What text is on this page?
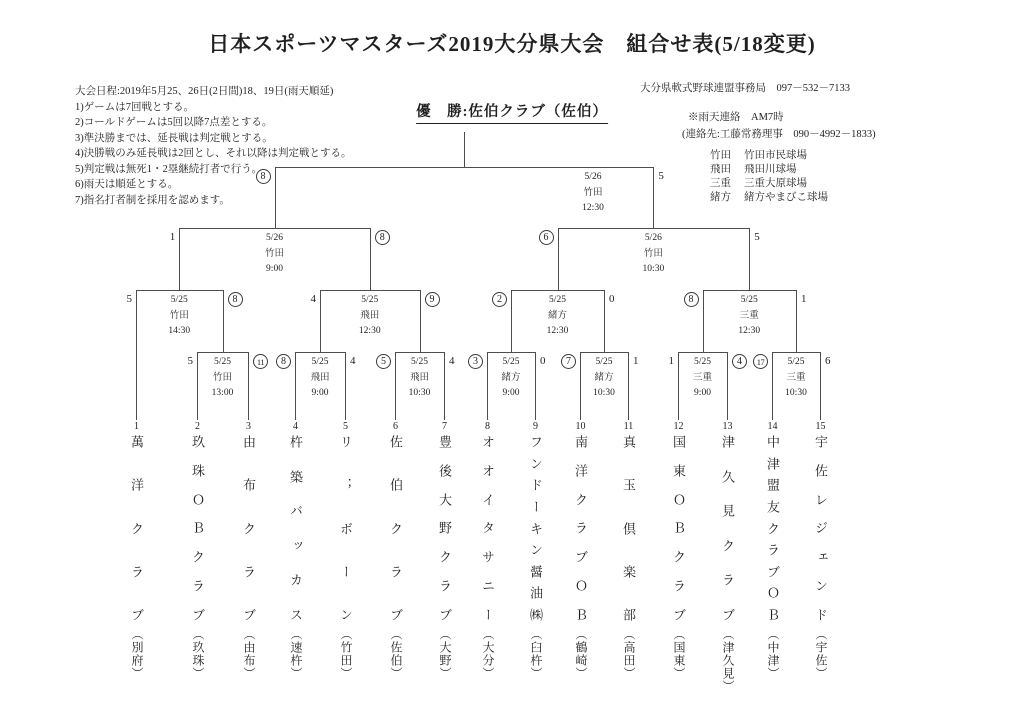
日本スポーツマスターズ2019大分県大会　組合せ表(5/18変更)
大会日程:2019年5月25、26日(2日間)18、19日(雨天順延)
1)ゲームは7回戦とする。
2)コールドゲームは5回以降7点差とする。
3)準決勝までは、延長戦は判定戦とする。
4)決勝戦のみ延長戦は2回とし、それ以降は判定戦とする。
5)判定戦は無死1・2塁継続打者で行う。
6)雨天は順延とする。
7)指名打者制を採用を認めます。
優　勝:佐伯クラブ（佐伯）
大分県軟式野球連盟事務局　097－532－7133
※雨天連絡　AM7時
(連絡先:工藤常務理事　090－4992－1833)
竹田	竹田市民球場
飛田	飛田川球場
三重	三重大原球場
緒方	緒方やまびこ球場
5	11
5/25
竹田
13:00
8	4
5/25
飛田
9:00
5	4
5/25
飛田
10:30
3	0
5/25
緒方
9:00
7	1
5/25
緒方
10:30
1	4
5/25
三重
9:00
17	6
5/25
三重
10:30
5	8
5/25
竹田
14:30
4	9
5/25
飛田
12:30
2	0
5/25
緒方
12:30
8	1
5/25
三重
12:30
1	8
5/26
竹田
9:00
6	5
5/26
竹田
10:30
8	5
5/26
竹田
12:30
1
萬
洋
ク
ラ
ブ
（別府）
2
玖
珠
Ｏ
Ｂ
ク
ラ
ブ
（玖珠）
3
由
布
ク
ラ
ブ
（由布）
4
杵
築
バ
ッ
カ
ス
（速杵）
5
リ
；
ボ
ー
ン
（竹田）
6
佐
伯
ク
ラ
ブ
（佐伯）
7
豊
後
大
野
ク
ラ
ブ
（大野）
8
オ
オ
イ
タ
サ
ニ
ー
（大分）
9
フ
ン
ド
ー
キ
ン
醤
油
㈱
（臼杵）
10
南
洋
ク
ラ
ブ
Ｏ
Ｂ
（鶴崎）
11
真
玉
倶
楽
部
（高田）
12
国
東
Ｏ
Ｂ
ク
ラ
ブ
（国東）
13
津
久
見
ク
ラ
ブ
（津久見）
14
中
津
盟
友
ク
ラ
ブ
Ｏ
Ｂ
（中津）
15
宇
佐
レ
ジ
ェ
ン
ド
（宇佐）
